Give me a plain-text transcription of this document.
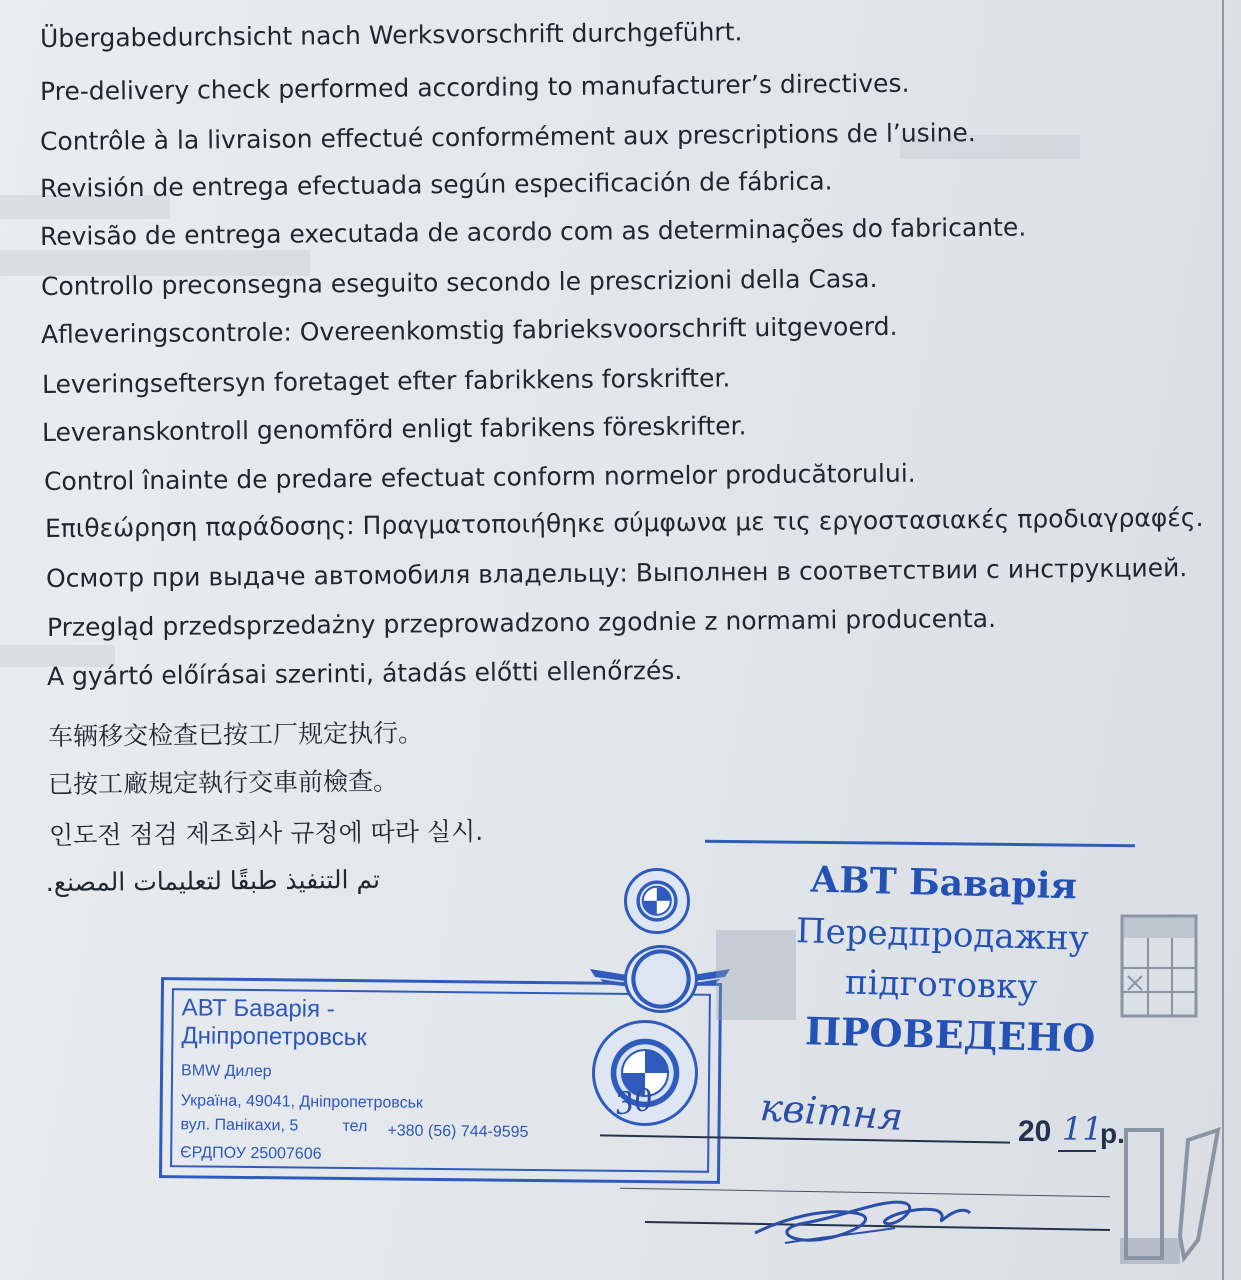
Übergabedurchsicht nach Werksvorschrift durchgeführt.
Pre-delivery check performed according to manufacturer’s directives.
Contrôle à la livraison effectué conformément aux prescriptions de l’usine.
Revisión de entrega efectuada según especificación de fábrica.
Revisão de entrega executada de acordo com as determinações do fabricante.
Controllo preconsegna eseguito secondo le prescrizioni della Casa.
Afleveringscontrole: Overeenkomstig fabrieksvoorschrift uitgevoerd.
Leveringseftersyn foretaget efter fabrikkens forskrifter.
Leveranskontroll genomförd enligt fabrikens föreskrifter.
Control înainte de predare efectuat conform normelor producătorului.
Επιθεώρηση παράδοσης: Πραγματοποιήθηκε σύμφωνα με τις εργοστασιακές προδιαγραφές.
Осмотр при выдаче автомобиля владельцу: Выполнен в соответствии с инструкцией.
Przegląd przedsprzedażny przeprowadzono zgodnie z normami producenta.
A gyártó előírásai szerinti, átadás előtti ellenőrzés.
车辆移交检查已按工厂规定执行。
已按工廠規定執行交車前檢查。
인도전 점검 제조회사 규정에 따라 실시.
تم التنفيذ طبقًا لتعليمات المصنع.
АВТ Баварія -
Дніпропетровськ
BMW Дилер
Україна, 49041, Дніпропетровськ
вул. Панікахи, 5	тел +380 (56) 744-9595
ЄРДПОУ 25007606
АВТ Баварія
Передпродажну
підготовку
ПРОВЕДЕНО
30	квітня	20 11
р.
